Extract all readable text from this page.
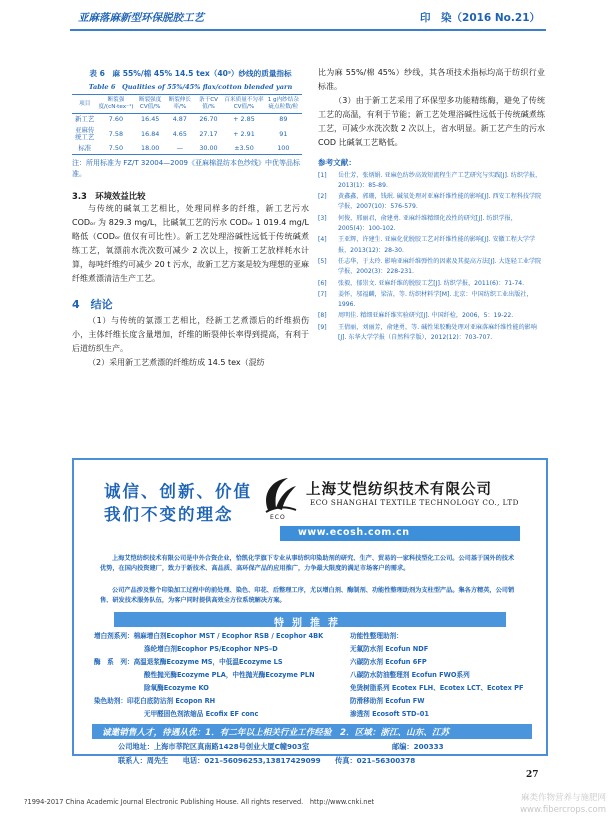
亚麻落麻新型环保脱胶工艺	印　染（2016 No.21）
表 6　麻 55%/棉 45% 14.5 tex（40ˢ）纱线的质量指标
Table 6　Qualities of 55%/45% flax/cotton blended yarn
项目	断裂强度/(cN·tex⁻¹)	断裂强度CV值/%	断裂伸长率/%	条干CV值/%	百米质量不匀率CV值/%	1 g内纱结杂疵点粒数/粒
新工艺	7.60	16.45	4.87	26.70	+ 2.85	89
亚麻传统工艺	7.58	16.84	4.65	27.17	+ 2.91	91
标准	7.50	18.00	—	30.00	±3.50	100
注：所用标准为 FZ/T 32004—2009《亚麻棉混纺本色纱线》中优等品标准。
3.3　环境效益比较
与传统的碱氧工艺相比，处理同样多的纤维，新工艺污水 CODₒᵣ 为 829.3 mg/L，比碱氧工艺的污水 CODₒᵣ 1 019.4 mg/L 略低（CODₒᵣ 值仅有可比性）。新工艺处理浴碱性远低于传统碱煮练工艺，氧漂前水洗次数可减少 2 次以上，按新工艺放样耗水计算，每吨纤维约可减少 20 t 污水，故新工艺方案是较为理想的亚麻纤维煮漂清洁生产工艺。
4　结论
（1）与传统的氯漂工艺相比，经新工艺煮漂后的纤维损伤小，主体纤维长度含量增加，纤维的断裂伸长率得到提高，有利于后道纺织生产。
（2）采用新工艺煮漂的纤维纺成 14.5 tex（混纺
比为麻 55%/棉 45%）纱线，其各项技术指标均高于纺织行业标准。
（3）由于新工艺采用了环保型多功能精练酶，避免了传统工艺的高温，有利于节能；新工艺处理浴碱性远低于传统碱煮练工艺，可减少水洗次数 2 次以上，省水明显。新工艺产生的污水 COD 比碱氧工艺略低。
参考文献：
[1]	岳仕芳，张炳娟. 亚麻色纺纱高效短流程生产工艺研究与实践[J]. 纺织学报，2013(1)：85-89.
[2]	黄鑫鑫，郭珊，钱珉. 碱氧处理对亚麻纤维性能的影响[J]. 西安工程科技学院学报，2007(10)：576-579.
[3]	何俊，邢丽君，俞建勇. 亚麻纤维精细化改性的研究[J]. 纺织学报，2005(4)：100-102.
[4]	王亚辉，许建生. 亚麻化优脱胶工艺对纤维性能的影响[J]. 安徽工程大学学报，2013(12)：28-30.
[5]	任志华，于太玲. 影响亚麻纤维弹性的因素及其提高方法[J]. 大连轻工业学院学报，2002(3)：228-231.
[6]	张毅，郁崇文. 亚麻纤维的脱胶工艺[J]. 纺织学报，2011(6)：71-74.
[7]	姜怀，邬福麟，梁洁，等. 纺织材料学[M]. 北京：中国纺织工业出版社，1996.
[8]	周明佳. 精细亚麻纤维实验研究[J]. 中国纤检，2006，5：19-22.
[9]	王倩丽，刘丽芳，俞建勇，等. 碱性果胶酶处理对亚麻落麻纤维性能的影响[J]. 东华大学学报（自然科学版），2012(12)：703-707.
诚信、创新、价值
我们不变的理念	ECO
上海艾恺纺织技术有限公司
ECO SHANGHAI TEXTILE TECHNOLOGY CO., LTD
www.ecosh.com.cn
上海艾恺纺织技术有限公司是中外合资企业，恰凯化学旗下专业从事纺织印染助剂的研究、生产、贸易的一家科技型化工公司。公司基于国外的技术优势，在国内投资建厂，致力于新技术、高品质、高环保产品的应用推广，力争最大限度的满足市场客户的需求。
公司产品涉及整个印染加工过程中的前处理、染色、印花、后整理工序，尤以增白剂、酶制剂、功能性整理助剂为支柱型产品。集各方精英，公司销售、研发技术服务队伍，为客户同时提供高效全方位系统解决方案。
特别推荐
增白剂系列：棉麻增白剂Ecophor MST / Ecophor RSB / Ecophor 4BK
涤纶增白剂Ecophor PS/Ecophor NPS–D
酶　系　列：高温退浆酶Ecozyme MS，中低温Ecozyme LS
酸性抛光酶Ecozyme PLA，中性抛光酶Ecozyme PLN
除氧酶Ecozyme KO
染色助剂：印花白底防沾剂 Ecopon RH
无甲醛固色剂浓缩品 Ecofix EF conc
功能性整理助剂：
无氟防水剂 Ecofun NDF
六碳防水剂 Ecofun 6FP
八碳防水防油整理剂 Ecofun FWO系列
免烫树脂系列 Ecotex FLH、Ecotex LCT、Ecotex PF
防滑移助剂 Ecofun FW
渗透剂 Ecosoft STD–01
诚邀销售人才，待遇从优：1．有二年以上相关行业工作经验　2．区域：浙江、山东、江苏
公司地址：上海市莘陀区真南路1428号创业大厦C幢903室	邮编：200333
联系人：周先生　　 电话：021–56096253,13817429099　　 传真：021–56300378
27
?1994-2017 China Academic Journal Electronic Publishing House. All rights reserved.　http://www.cnki.net	麻类作物营养与施肥网 www.fibercrops.com
